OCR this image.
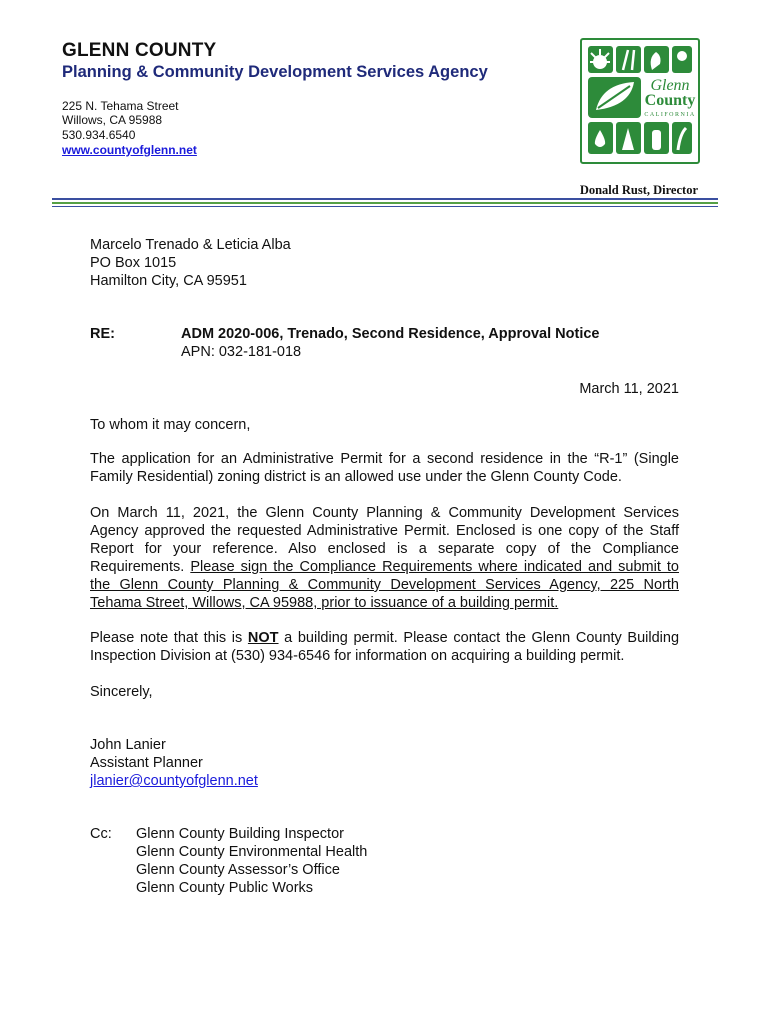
GLENN COUNTY
Planning & Community Development Services Agency
225 N. Tehama Street
Willows, CA 95988
530.934.6540
www.countyofglenn.net
Glenn
County
CALIFORNIA
Donald Rust, Director
Marcelo Trenado & Leticia Alba
PO Box 1015
Hamilton City, CA 95951
RE:	ADM 2020-006, Trenado, Second Residence, Approval Notice
APN: 032-181-018
March 11, 2021
To whom it may concern,
The application for an Administrative Permit for a second residence in the “R-1” (Single Family Residential) zoning district is an allowed use under the Glenn County Code.
On March 11, 2021, the Glenn County Planning & Community Development Services Agency approved the requested Administrative Permit. Enclosed is one copy of the Staff Report for your reference. Also enclosed is a separate copy of the Compliance Requirements. Please sign the Compliance Requirements where indicated and submit to the Glenn County Planning & Community Development Services Agency, 225 North Tehama Street, Willows, CA 95988, prior to issuance of a building permit.
Please note that this is NOT a building permit. Please contact the Glenn County Building Inspection Division at (530) 934-6546 for information on acquiring a building permit.
Sincerely,
John Lanier
Assistant Planner
jlanier@countyofglenn.net
Cc: Glenn County Building Inspector
Glenn County Environmental Health
Glenn County Assessor’s Office
Glenn County Public Works
